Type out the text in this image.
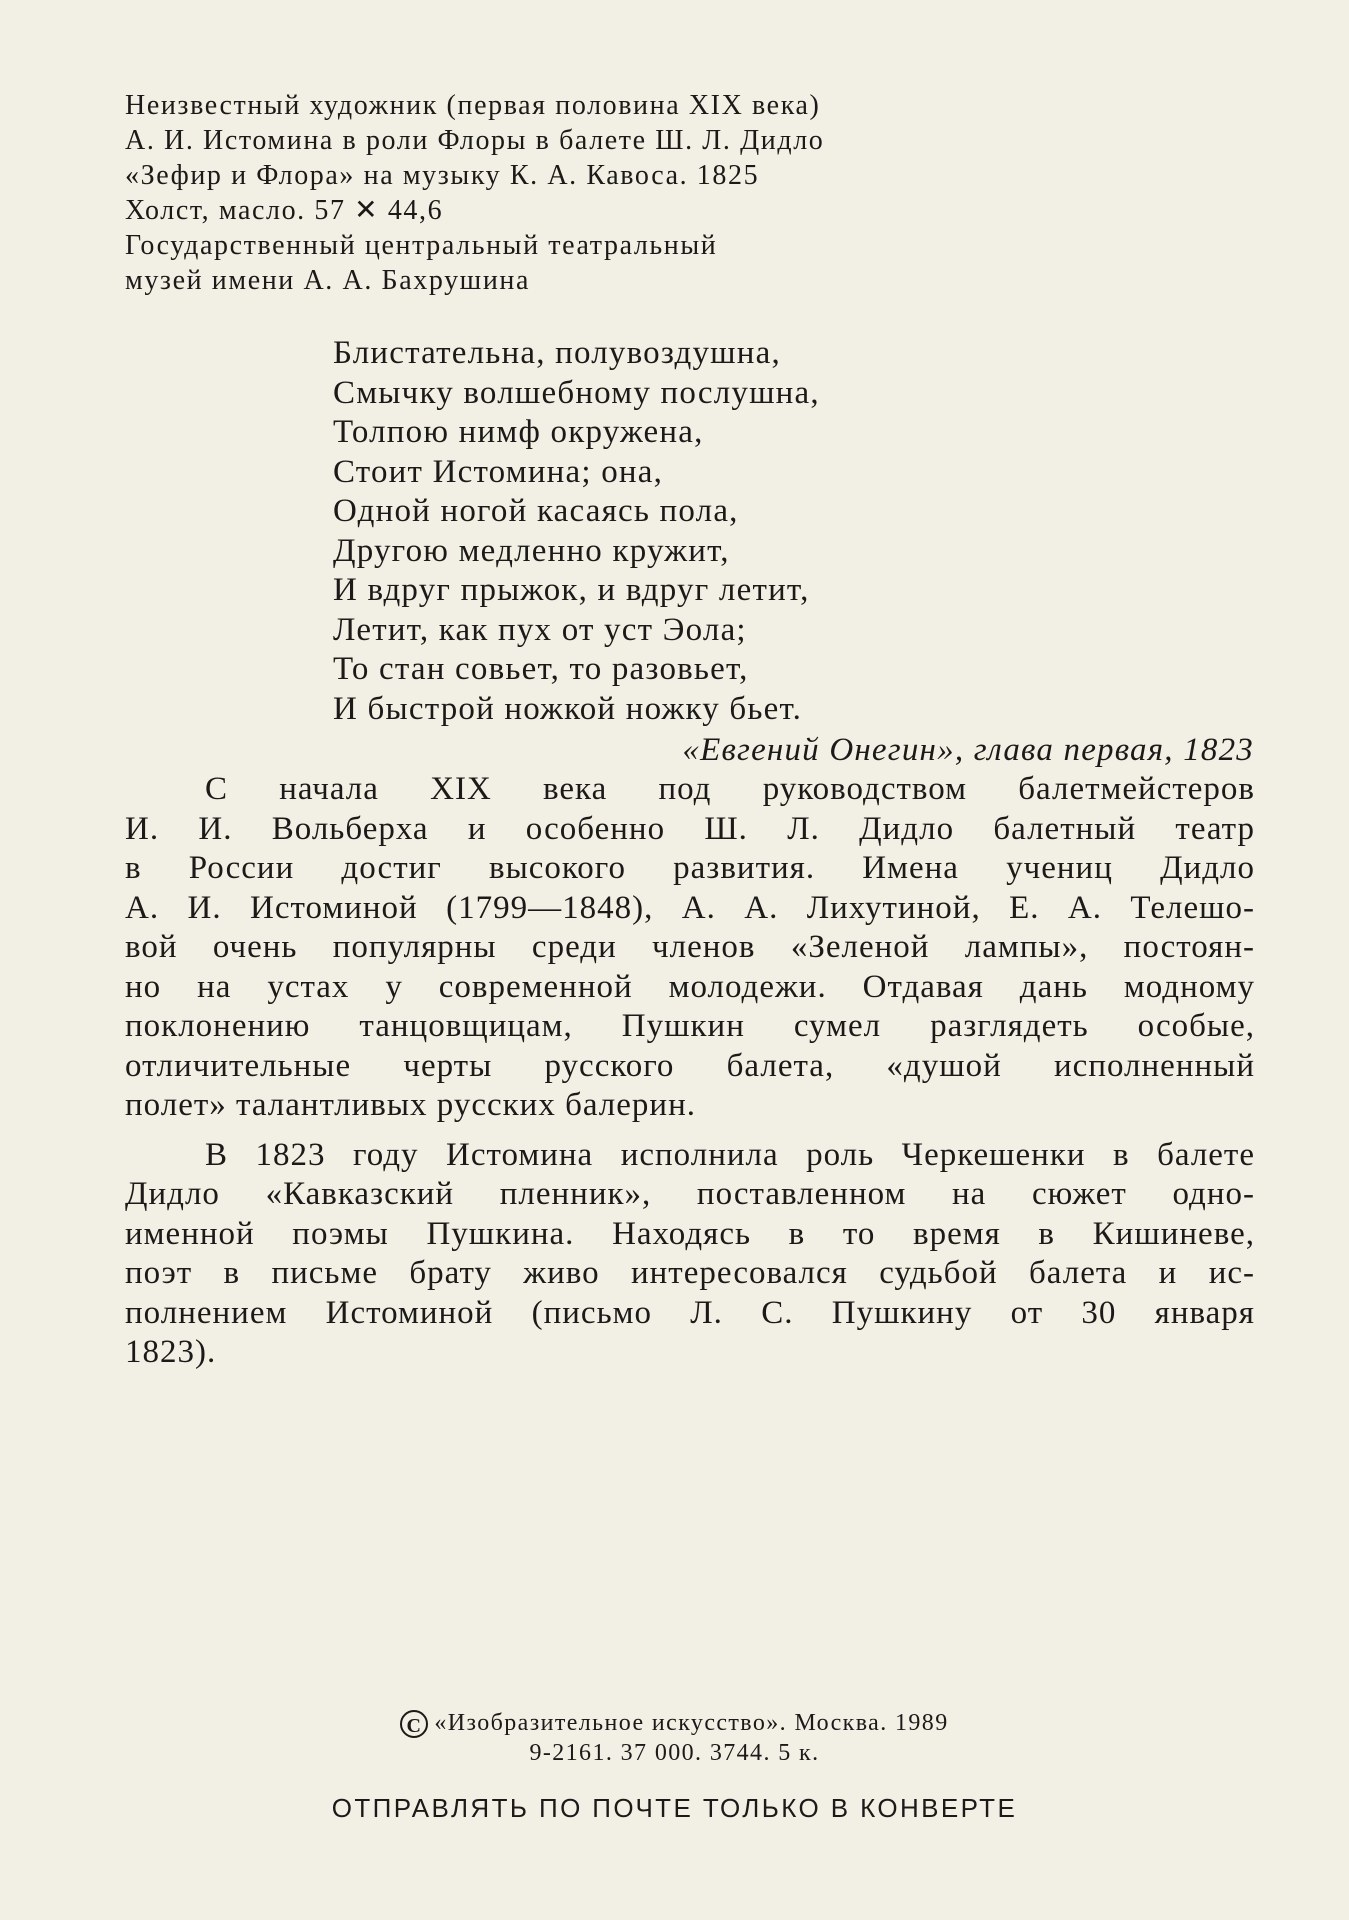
Неизвестный художник (первая половина XIX века)
А. И. Истомина в роли Флоры в балете Ш. Л. Дидло
«Зефир и Флора» на музыку К. А. Кавоса. 1825
Холст, масло. 57 ✕ 44,6
Государственный центральный театральный
музей имени А. А. Бахрушина
Блистательна, полувоздушна,
Смычку волшебному послушна,
Толпою нимф окружена,
Стоит Истомина; она,
Одной ногой касаясь пола,
Другою медленно кружит,
И вдруг прыжок, и вдруг летит,
Летит, как пух от уст Эола;
То стан совьет, то разовьет,
И быстрой ножкой ножку бьет.
«Евгений Онегин», глава первая, 1823
С начала XIX века под руководством балетмейстеров
И. И. Вольберха и особенно Ш. Л. Дидло балетный театр
в России достиг высокого развития. Имена учениц Дидло
А. И. Истоминой (1799—1848), А. А. Лихутиной, Е. А. Телешо-
вой очень популярны среди членов «Зеленой лампы», постоян-
но на устах у современной молодежи. Отдавая дань модному
поклонению танцовщицам, Пушкин сумел разглядеть особые,
отличительные черты русского балета, «душой исполненный
полет» талантливых русских балерин.
В 1823 году Истомина исполнила роль Черкешенки в балете
Дидло «Кавказский пленник», поставленном на сюжет одно-
именной поэмы Пушкина. Находясь в то время в Кишиневе,
поэт в письме брату живо интересовался судьбой балета и ис-
полнением Истоминой (письмо Л. С. Пушкину от 30 января
1823).
C «Изобразительное искусство». Москва. 1989
9-2161. 37 000. 3744. 5 к.
ОТПРАВЛЯТЬ ПО ПОЧТЕ ТОЛЬКО В КОНВЕРТЕ
